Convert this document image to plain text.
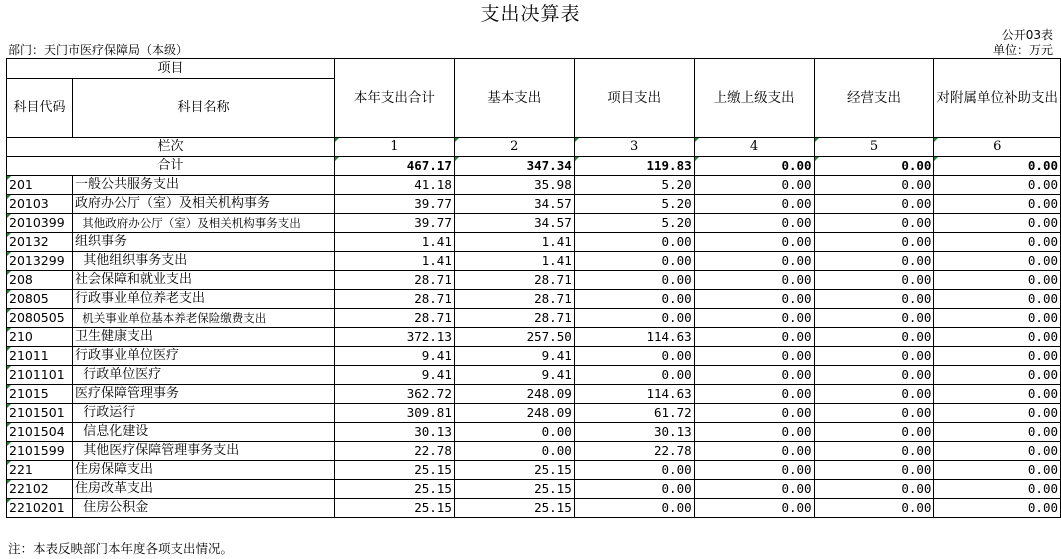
支出决算表
公开03表
部门：天门市医疗保障局（本级）	单位：万元
项目		本年支出合计	基本支出	项目支出	上缴上级支出	经营支出	对附属单位补助支出
科目代码	科目名称						
栏次		1	2	3	4	5	6
合计		467.17	347.34	119.83	0.00	0.00	0.00
201	一般公共服务支出	41.18	35.98	5.20	0.00	0.00	0.00
20103	政府办公厅（室）及相关机构事务	39.77	34.57	5.20	0.00	0.00	0.00
2010399	其他政府办公厅（室）及相关机构事务支出	39.77	34.57	5.20	0.00	0.00	0.00
20132	组织事务	1.41	1.41	0.00	0.00	0.00	0.00
2013299	其他组织事务支出	1.41	1.41	0.00	0.00	0.00	0.00
208	社会保障和就业支出	28.71	28.71	0.00	0.00	0.00	0.00
20805	行政事业单位养老支出	28.71	28.71	0.00	0.00	0.00	0.00
2080505	机关事业单位基本养老保险缴费支出	28.71	28.71	0.00	0.00	0.00	0.00
210	卫生健康支出	372.13	257.50	114.63	0.00	0.00	0.00
21011	行政事业单位医疗	9.41	9.41	0.00	0.00	0.00	0.00
2101101	行政单位医疗	9.41	9.41	0.00	0.00	0.00	0.00
21015	医疗保障管理事务	362.72	248.09	114.63	0.00	0.00	0.00
2101501	行政运行	309.81	248.09	61.72	0.00	0.00	0.00
2101504	信息化建设	30.13	0.00	30.13	0.00	0.00	0.00
2101599	其他医疗保障管理事务支出	22.78	0.00	22.78	0.00	0.00	0.00
221	住房保障支出	25.15	25.15	0.00	0.00	0.00	0.00
22102	住房改革支出	25.15	25.15	0.00	0.00	0.00	0.00
2210201	住房公积金	25.15	25.15	0.00	0.00	0.00	0.00
注：本表反映部门本年度各项支出情况。
